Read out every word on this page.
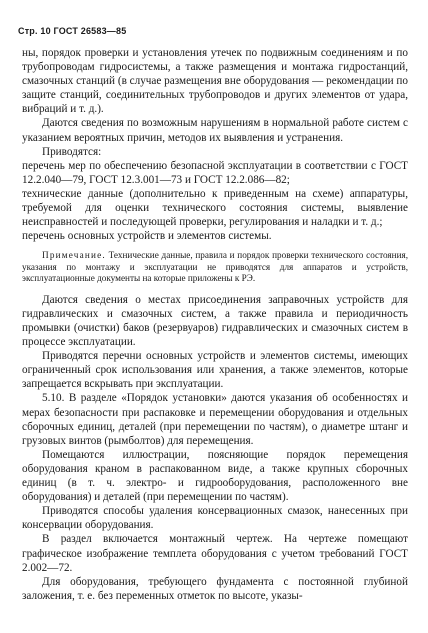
Стр. 10 ГОСТ 26583—85

ны, порядок проверки и установления утечек по подвижным соединениям и по трубопроводам гидросистемы, а также размещения и монтажа гидростанций, смазочных станций (в случае размещения вне оборудования — рекомендации по защите станций, соединительных трубопроводов и других элементов от удара, вибраций и т. д.).

Даются сведения по возможным нарушениям в нормальной работе систем с указанием вероятных причин, методов их выявления и устранения.

Приводятся:

перечень мер по обеспечению безопасной эксплуатации в соответствии с ГОСТ 12.2.040—79, ГОСТ 12.3.001—73 и ГОСТ 12.2.086—82;

технические данные (дополнительно к приведенным на схеме) аппаратуры, требуемой для оценки технического состояния системы, выявление неисправностей и последующей проверки, регулирования и наладки и т. д.;

перечень основных устройств и элементов системы.

Примечание. Технические данные, правила и порядок проверки технического состояния, указания по монтажу и эксплуатации не приводятся для аппаратов и устройств, эксплуатационные документы на которые приложены к РЭ.

Даются сведения о местах присоединения заправочных устройств для гидравлических и смазочных систем, а также правила и периодичность промывки (очистки) баков (резервуаров) гидравлических и смазочных систем в процессе эксплуатации.

Приводятся перечни основных устройств и элементов системы, имеющих ограниченный срок использования или хранения, а также элементов, которые запрещается вскрывать при эксплуатации.

5.10. В разделе «Порядок установки» даются указания об особенностях и мерах безопасности при распаковке и перемещении оборудования и отдельных сборочных единиц, деталей (при перемещении по частям), о диаметре штанг и грузовых винтов (рымболтов) для перемещения.

Помещаются иллюстрации, поясняющие порядок перемещения оборудования краном в распакованном виде, а также крупных сборочных единиц (в т. ч. электро- и гидрооборудования, расположенного вне оборудования) и деталей (при перемещении по частям).

Приводятся способы удаления консервационных смазок, нанесенных при консервации оборудования.

В раздел включается монтажный чертеж. На чертеже помещают графическое изображение темплета оборудования с учетом требований ГОСТ 2.002—72.

Для оборудования, требующего фундамента с постоянной глубиной заложения, т. е. без переменных отметок по высоте, указы-
